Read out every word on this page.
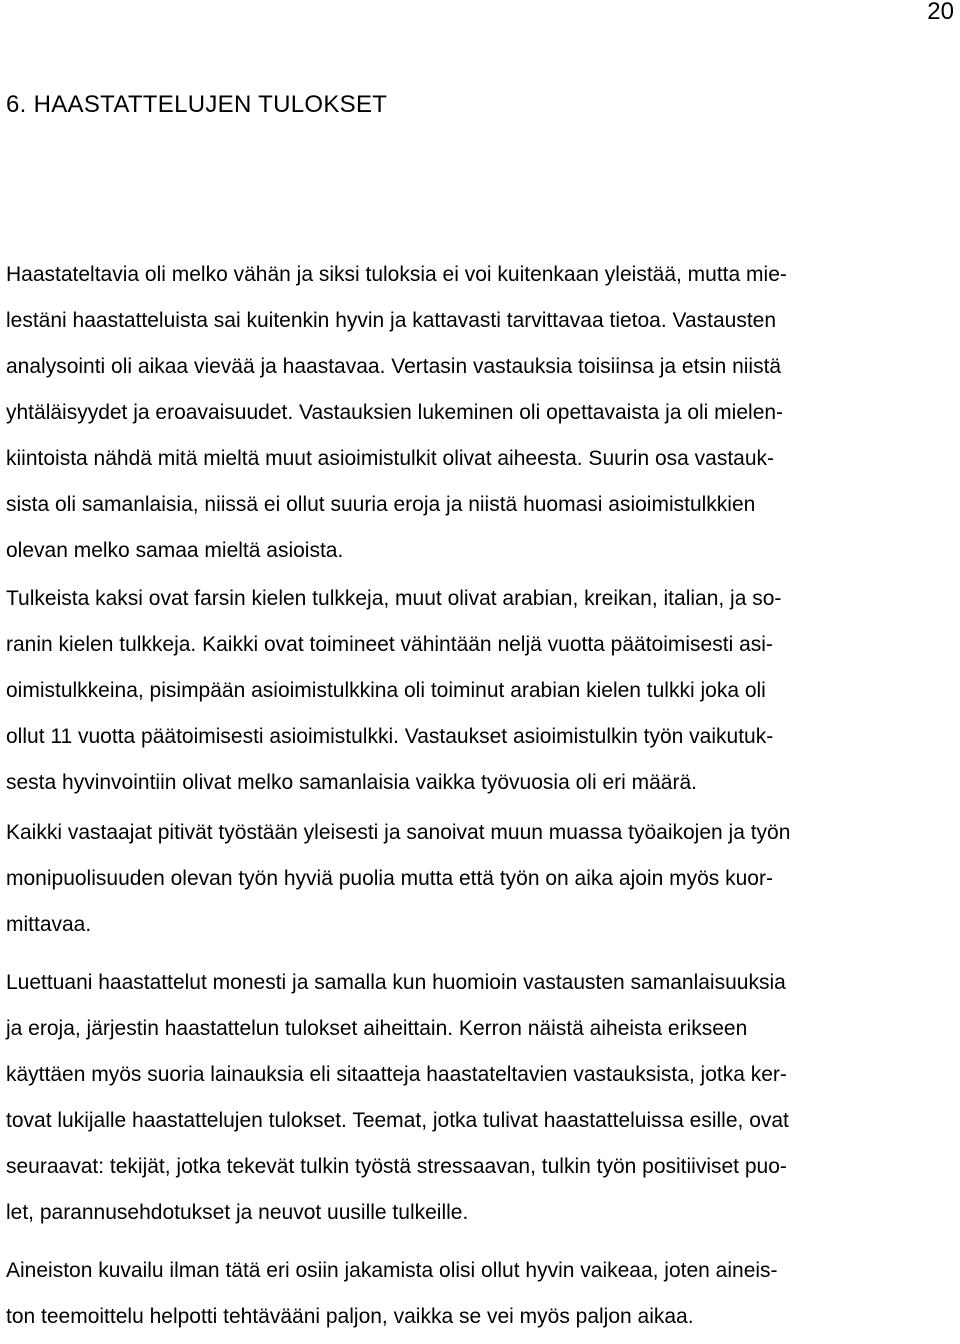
20
6. HAASTATTELUJEN TULOKSET

Haastateltavia oli melko vähän ja siksi tuloksia ei voi kuitenkaan yleistää, mutta mie-
lestäni haastatteluista sai kuitenkin hyvin ja kattavasti tarvittavaa tietoa. Vastausten
analysointi oli aikaa vievää ja haastavaa. Vertasin vastauksia toisiinsa ja etsin niistä
yhtäläisyydet ja eroavaisuudet. Vastauksien lukeminen oli opettavaista ja oli mielen-
kiintoista nähdä mitä mieltä muut asioimistulkit olivat aiheesta. Suurin osa vastauk-
sista oli samanlaisia, niissä ei ollut suuria eroja ja niistä huomasi asioimistulkkien
olevan melko samaa mieltä asioista.

Tulkeista kaksi ovat farsin kielen tulkkeja, muut olivat arabian, kreikan, italian, ja so-
ranin kielen tulkkeja. Kaikki ovat toimineet vähintään neljä vuotta päätoimisesti asi-
oimistulkkeina, pisimpään asioimistulkkina oli toiminut arabian kielen tulkki joka oli
ollut 11 vuotta päätoimisesti asioimistulkki. Vastaukset asioimistulkin työn vaikutuk-
sesta hyvinvointiin olivat melko samanlaisia vaikka työvuosia oli eri määrä.

Kaikki vastaajat pitivät työstään yleisesti ja sanoivat muun muassa työaikojen ja työn
monipuolisuuden olevan työn hyviä puolia mutta että työn on aika ajoin myös kuor-
mittavaa.

Luettuani haastattelut monesti ja samalla kun huomioin vastausten samanlaisuuksia
ja eroja, järjestin haastattelun tulokset aiheittain. Kerron näistä aiheista erikseen
käyttäen myös suoria lainauksia eli sitaatteja haastateltavien vastauksista, jotka ker-
tovat lukijalle haastattelujen tulokset. Teemat, jotka tulivat haastatteluissa esille, ovat
seuraavat: tekijät, jotka tekevät tulkin työstä stressaavan, tulkin työn positiiviset puo-
let, parannusehdotukset ja neuvot uusille tulkeille.

Aineiston kuvailu ilman tätä eri osiin jakamista olisi ollut hyvin vaikeaa, joten aineis-
ton teemoittelu helpotti tehtävääni paljon, vaikka se vei myös paljon aikaa.
